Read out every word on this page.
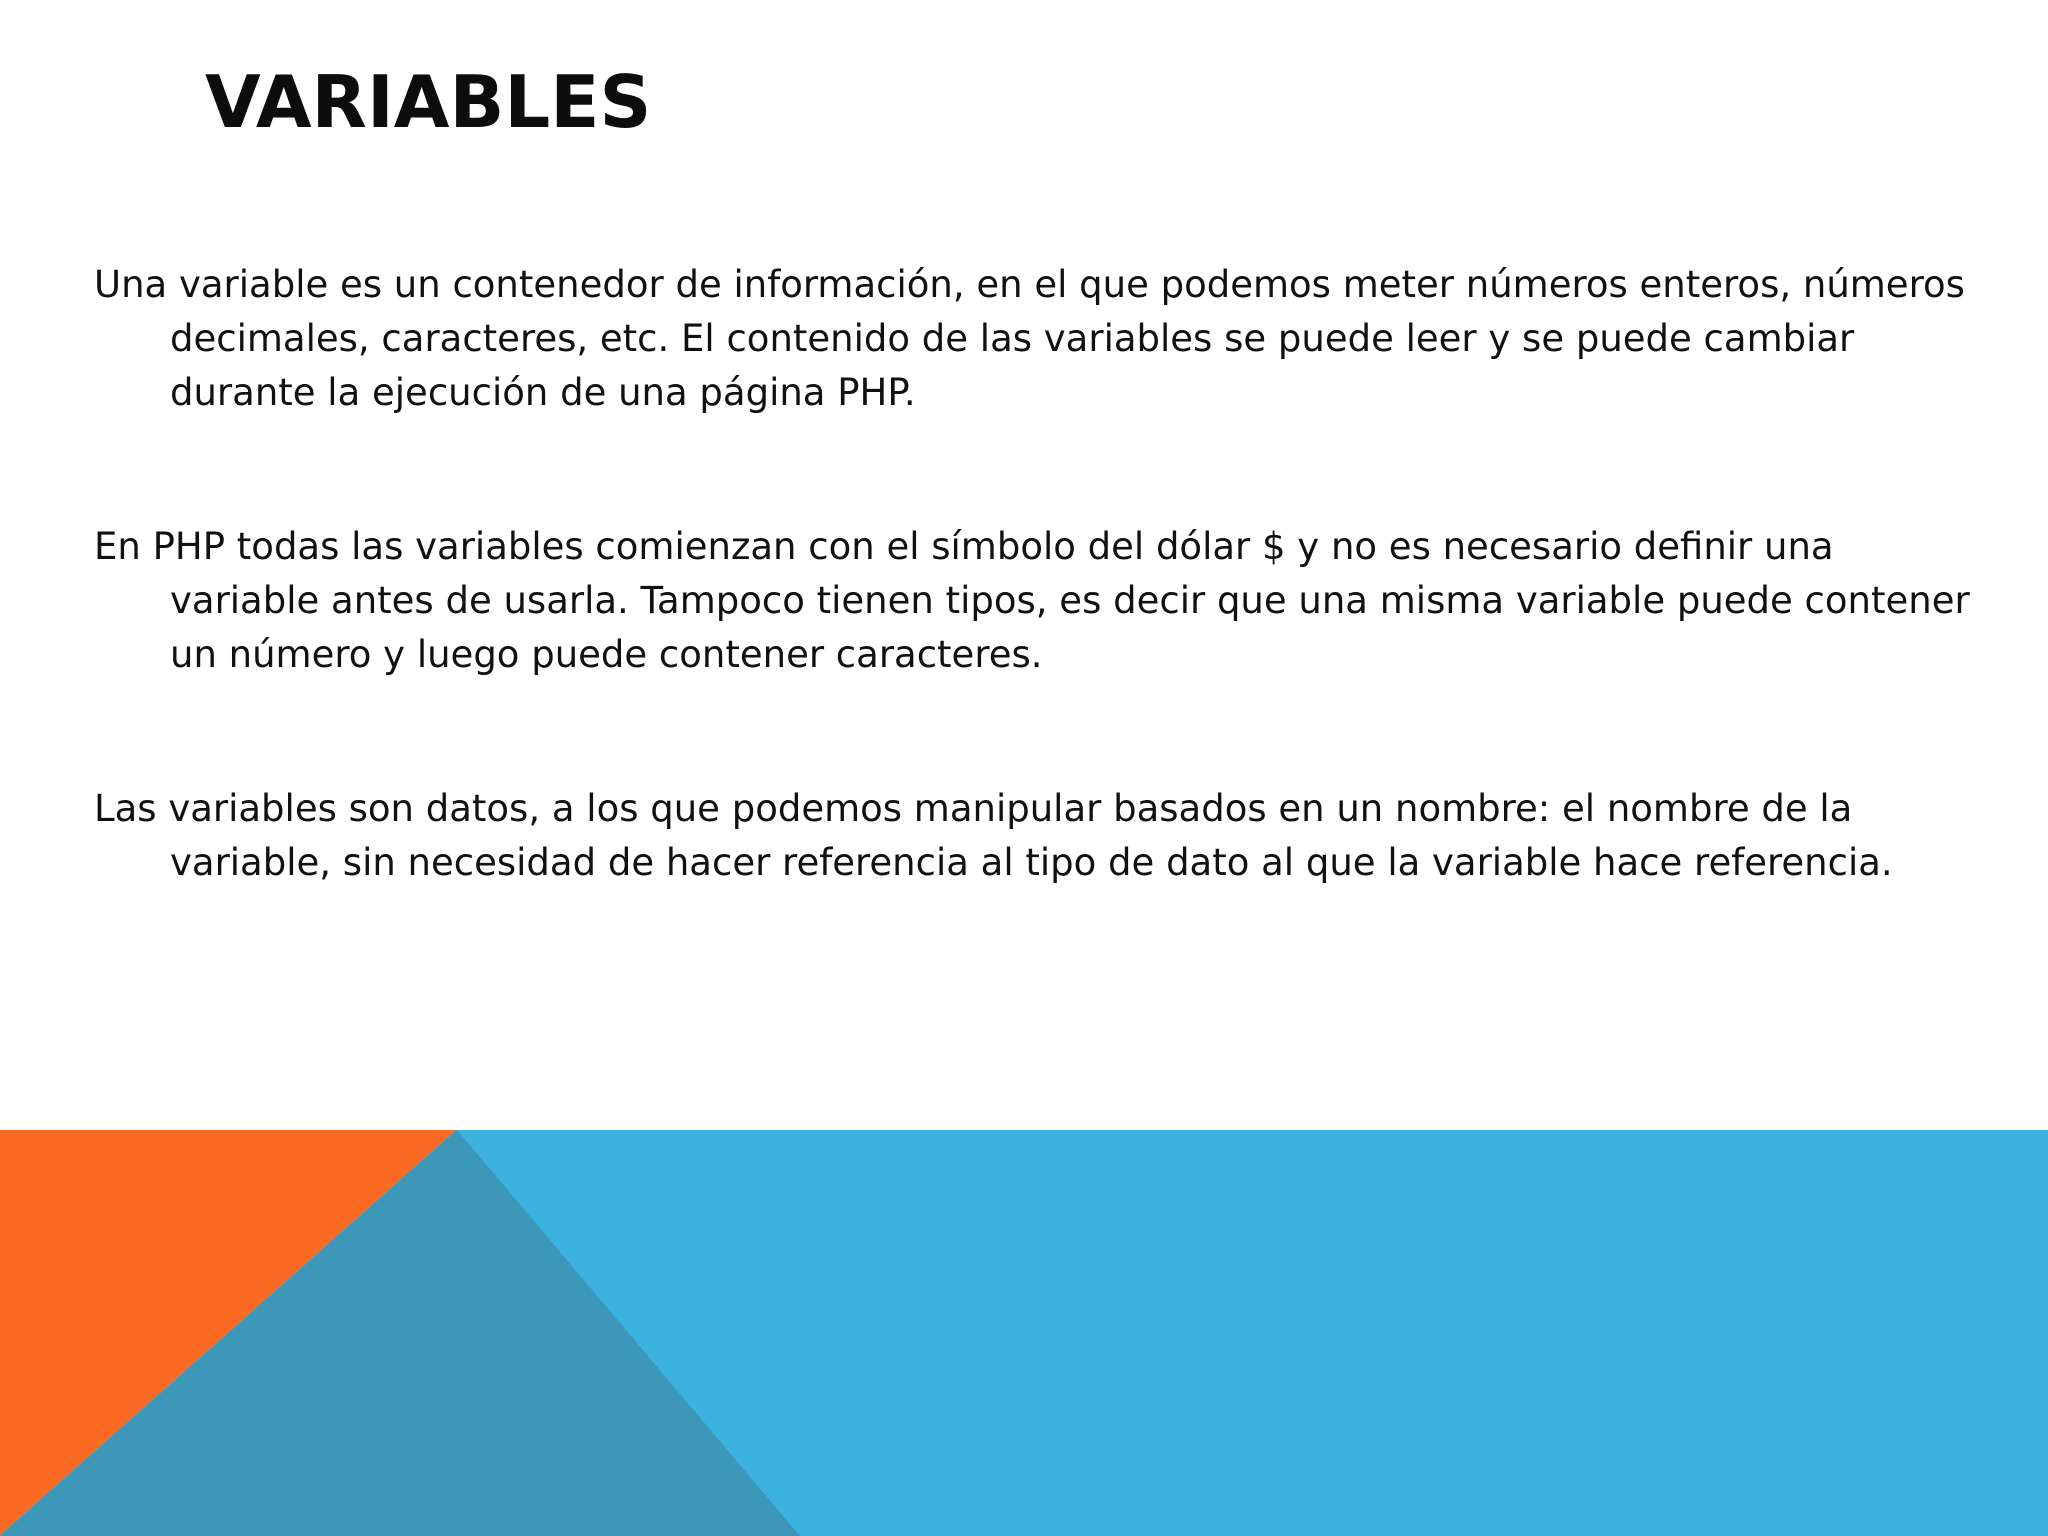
VARIABLES

Una variable es un contenedor de información, en el que podemos meter números enteros, números decimales, caracteres, etc. El contenido de las variables se puede leer y se puede cambiar durante la ejecución de una página PHP.

En PHP todas las variables comienzan con el símbolo del dólar $ y no es necesario definir una variable antes de usarla. Tampoco tienen tipos, es decir que una misma variable puede contener un número y luego puede contener caracteres.

Las variables son datos, a los que podemos manipular basados en un nombre: el nombre de la variable, sin necesidad de hacer referencia al tipo de dato al que la variable hace referencia.
